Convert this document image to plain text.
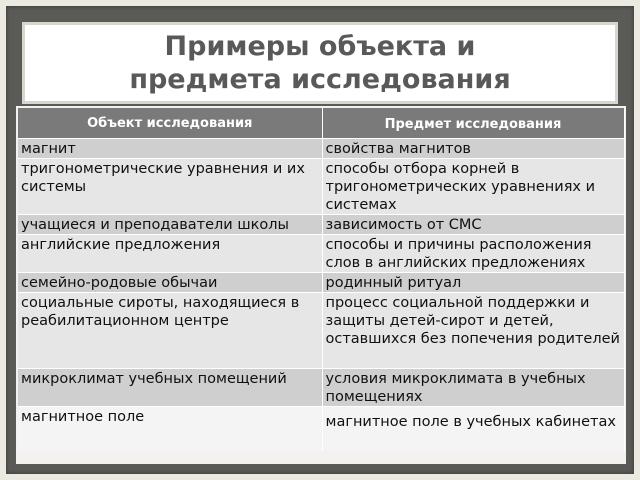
Примеры объекта и предмета исследования
Объект исследования	Предмет исследования

магнит	свойства магнитов
тригонометрические уравнения и их системы	способы отбора корней в тригонометрических уравнениях и системах
учащиеся и преподаватели школы	зависимость от СМС
английские предложения	способы и причины расположения слов в английских предложениях
семейно-родовые обычаи	родинный ритуал
социальные сироты, находящиеся в реабилитационном центре	процесс социальной поддержки и защиты детей-сирот и детей, оставшихся без попечения родителей
микроклимат учебных помещений	условия микроклимата в учебных помещениях
магнитное поле	магнитное поле в учебных кабинетах
